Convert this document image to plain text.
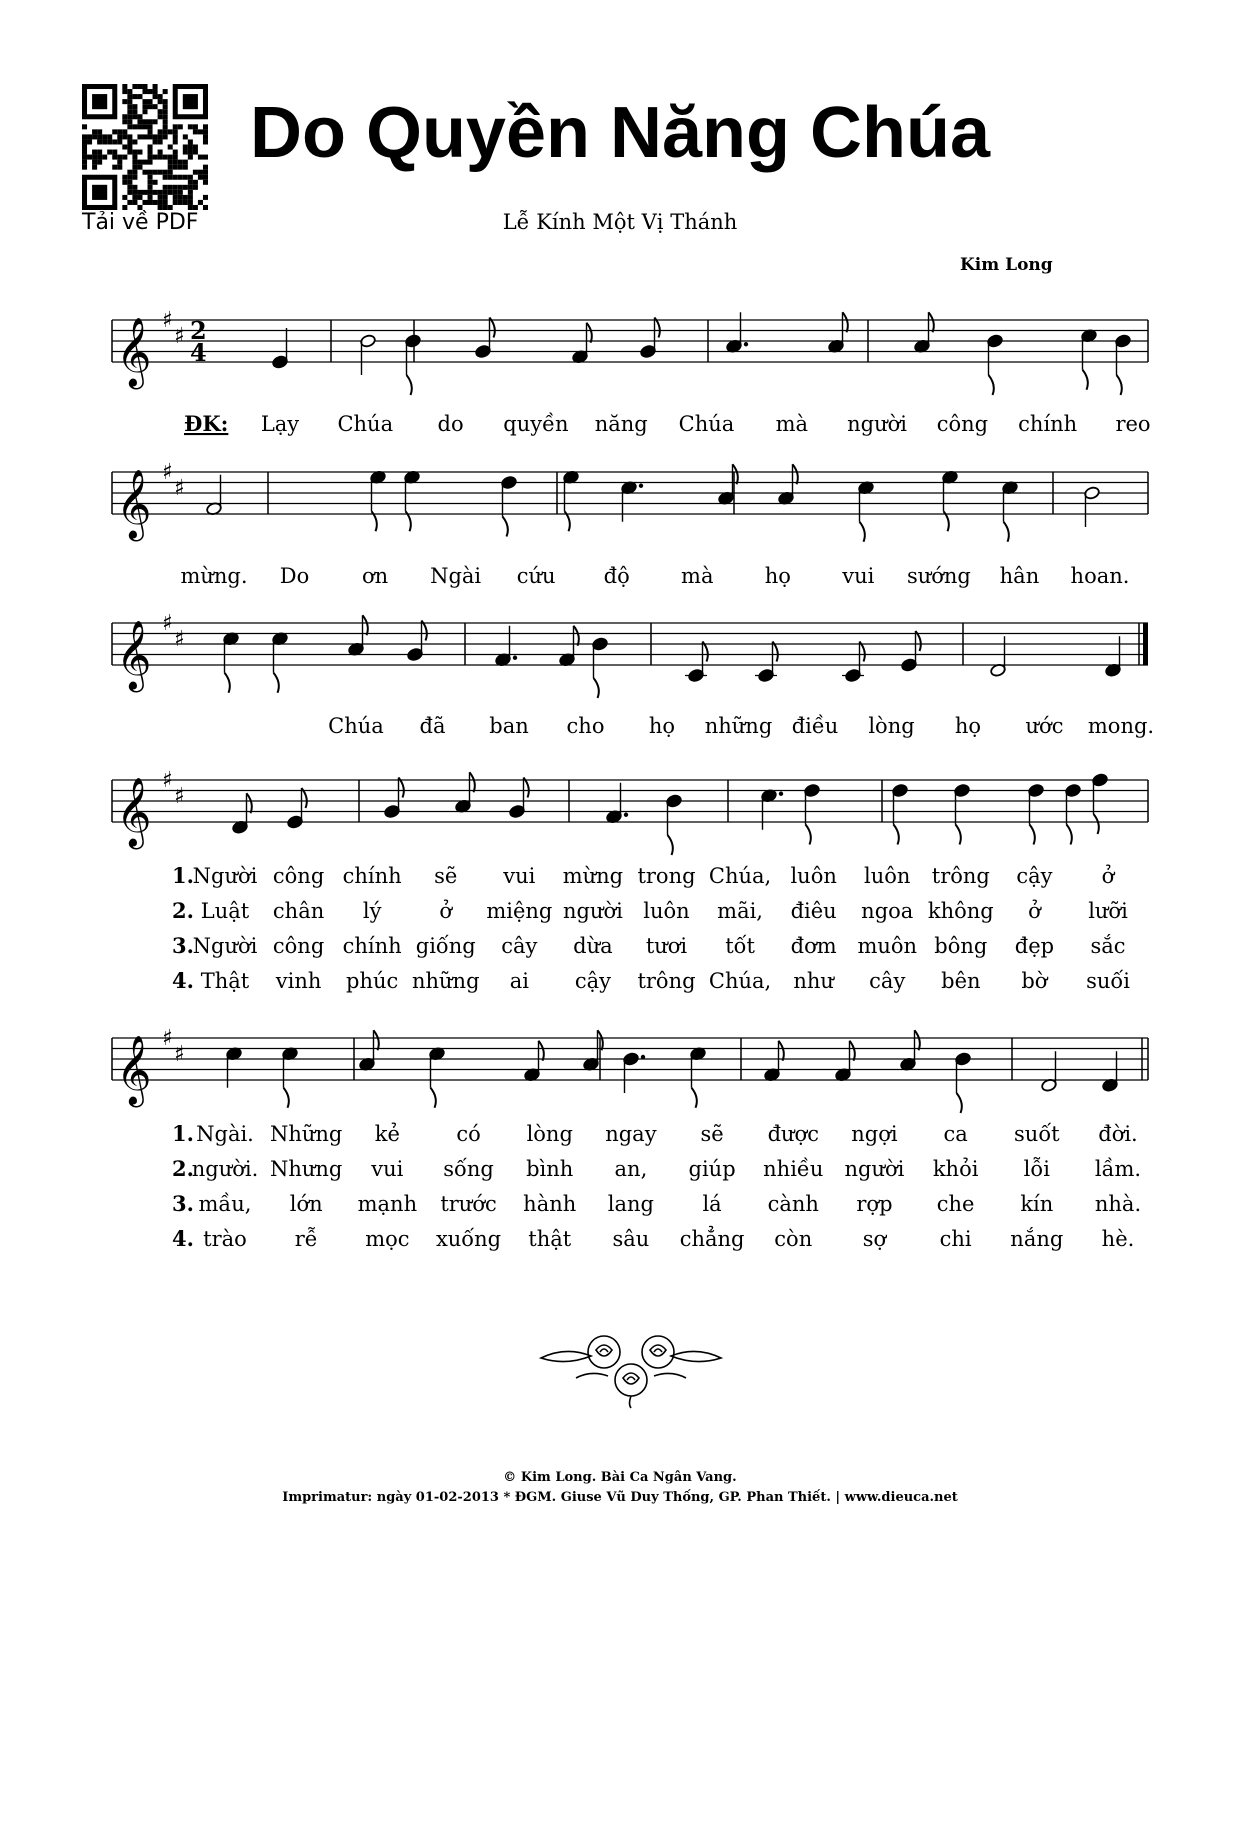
Tải về PDF
Do Quyền Năng Chúa
Lễ Kính Một Vị Thánh
Kim Long
𝄞 ♯
♯ 2
4
𝄞 ♯
♯
𝄞 ♯
♯
𝄞 ♯
♯
𝄞 ♯
♯
ĐK: Lạy Chúa do quyền năng Chúa mà người công chính reo
mừng. Do	ơn Ngài cứu độ mà họ vui sướng hân hoan.
Chúa đã ban cho họ những điều lòng họ ước mong.
1.
Người công chính sẽ vui mừng trong Chúa, luôn luôn trông cậy ở
2. Luật chân lý	ở miệng người luôn mãi, điêu ngoa không ở lưỡi
3.
Người công chính giống cây dừa tươi tốt đơm muôn bông đẹp sắc
4. Thật vinh phúc những ai cậy trông Chúa, như cây bên bờ suối
1. Ngài. Những kẻ	có lòng ngay sẽ được ngợi ca suốt đời.
2.
người. Nhưng vui sống bình an, giúp nhiều người khỏi lỗi lầm.
3. mầu, lớn mạnh trước hành lang lá cành rợp che kín nhà.
4. trào rễ mọc xuống thật sâu chẳng còn sợ	chi nắng hè.
© Kim Long. Bài Ca Ngân Vang.
Imprimatur: ngày 01-02-2013 * ĐGM. Giuse Vũ Duy Thống, GP. Phan Thiết. | www.dieuca.net
